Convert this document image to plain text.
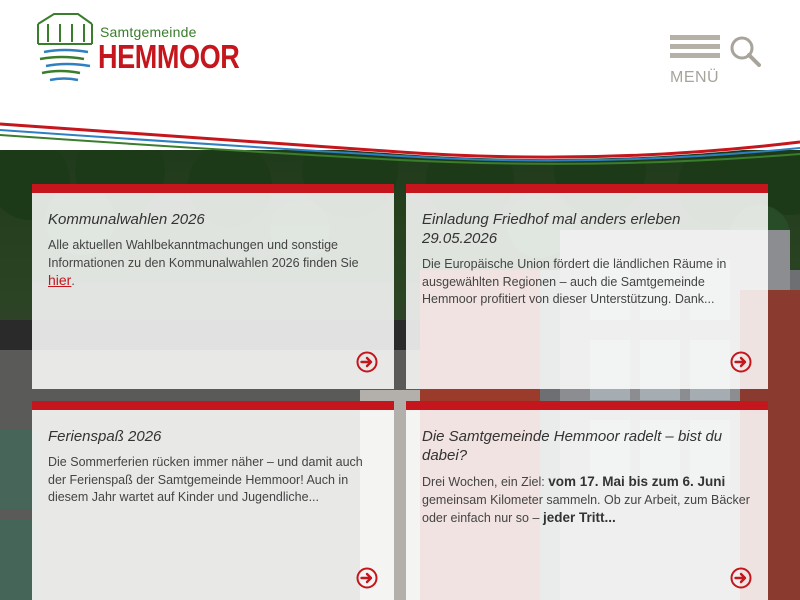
Samtgemeinde
HEMMOOR
MENÜ
Kommunalwahlen 2026
Alle aktuellen Wahlbekanntmachungen und sonstige Informationen zu den Kommunalwahlen 2026 finden Sie hier.
Einladung Friedhof mal anders erleben 29.05.2026
Die Europäische Union fördert die ländlichen Räume in ausgewählten Regionen – auch die Samtgemeinde Hemmoor profitiert von dieser Unterstützung. Dank...
Ferienspaß 2026
Die Sommerferien rücken immer näher – und damit auch der Ferienspaß der Samtgemeinde Hemmoor! Auch in diesem Jahr wartet auf Kinder und Jugendliche...
Die Samtgemeinde Hemmoor radelt – bist du dabei?
Drei Wochen, ein Ziel: vom 17. Mai bis zum 6. Juni gemeinsam Kilometer sammeln. Ob zur Arbeit, zum Bäcker oder einfach nur so – jeder Tritt...
